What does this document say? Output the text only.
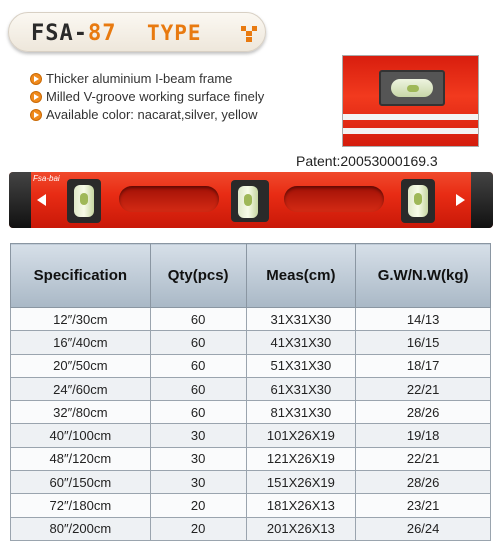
FSA-87 TYPE
Thicker aluminium I-beam frame
Milled V-groove working surface finely
Available color: nacarat,silver, yellow
Patent:20053000169.3
Fsa-bai
Specification	Qty(pcs)	Meas(cm)	G.W/N.W(kg)
12″/30cm	60	31X31X30	14/13
16″/40cm	60	41X31X30	16/15
20″/50cm	60	51X31X30	18/17
24″/60cm	60	61X31X30	22/21
32″/80cm	60	81X31X30	28/26
40″/100cm	30	101X26X19	19/18
48″/120cm	30	121X26X19	22/21
60″/150cm	30	151X26X19	28/26
72″/180cm	20	181X26X13	23/21
80″/200cm	20	201X26X13	26/24
